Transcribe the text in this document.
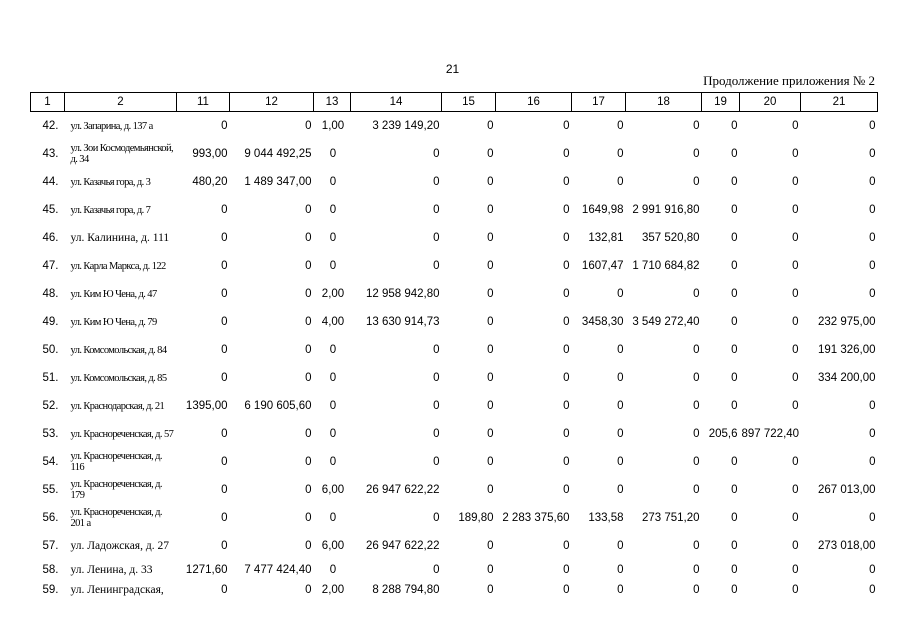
21
Продолжение приложения № 2
1	2	11	12	13	14	15	16	17	18	19	20	21
42.	ул. Запарина, д. 137 а	0	0	1,00	3 239 149,20	0	0	0	0	0	0	0
43.	ул. Зои Космодемьянской, д. 34	993,00	9 044 492,25	0	0	0	0	0	0	0	0	0
44.	ул. Казачья гора, д. 3	480,20	1 489 347,00	0	0	0	0	0	0	0	0	0
45.	ул. Казачья гора, д. 7	0	0	0	0	0	0	1649,98	2 991 916,80	0	0	0
46.	ул. Калинина, д. 111	0	0	0	0	0	0	132,81	357 520,80	0	0	0
47.	ул. Карла Маркса, д. 122	0	0	0	0	0	0	1607,47	1 710 684,82	0	0	0
48.	ул. Ким Ю Чена, д. 47	0	0	2,00	12 958 942,80	0	0	0	0	0	0	0
49.	ул. Ким Ю Чена, д. 79	0	0	4,00	13 630 914,73	0	0	3458,30	3 549 272,40	0	0	232 975,00
50.	ул. Комсомольская, д. 84	0	0	0	0	0	0	0	0	0	0	191 326,00
51.	ул. Комсомольская, д. 85	0	0	0	0	0	0	0	0	0	0	334 200,00
52.	ул. Краснодарская, д. 21	1395,00	6 190 605,60	0	0	0	0	0	0	0	0	0
53.	ул. Краснореченская, д. 57	0	0	0	0	0	0	0	0	205,6	897 722,40	0
54.	ул. Краснореченская, д. 116	0	0	0	0	0	0	0	0	0	0	0
55.	ул. Краснореченская, д. 179	0	0	6,00	26 947 622,22	0	0	0	0	0	0	267 013,00
56.	ул. Краснореченская, д. 201 а	0	0	0	0	189,80	2 283 375,60	133,58	273 751,20	0	0	0
57.	ул. Ладожская, д. 27	0	0	6,00	26 947 622,22	0	0	0	0	0	0	273 018,00
58.	ул. Ленина, д. 33	1271,60	7 477 424,40	0	0	0	0	0	0	0	0	0
59.	ул. Ленинградская,	0	0	2,00	8 288 794,80	0	0	0	0	0	0	0
